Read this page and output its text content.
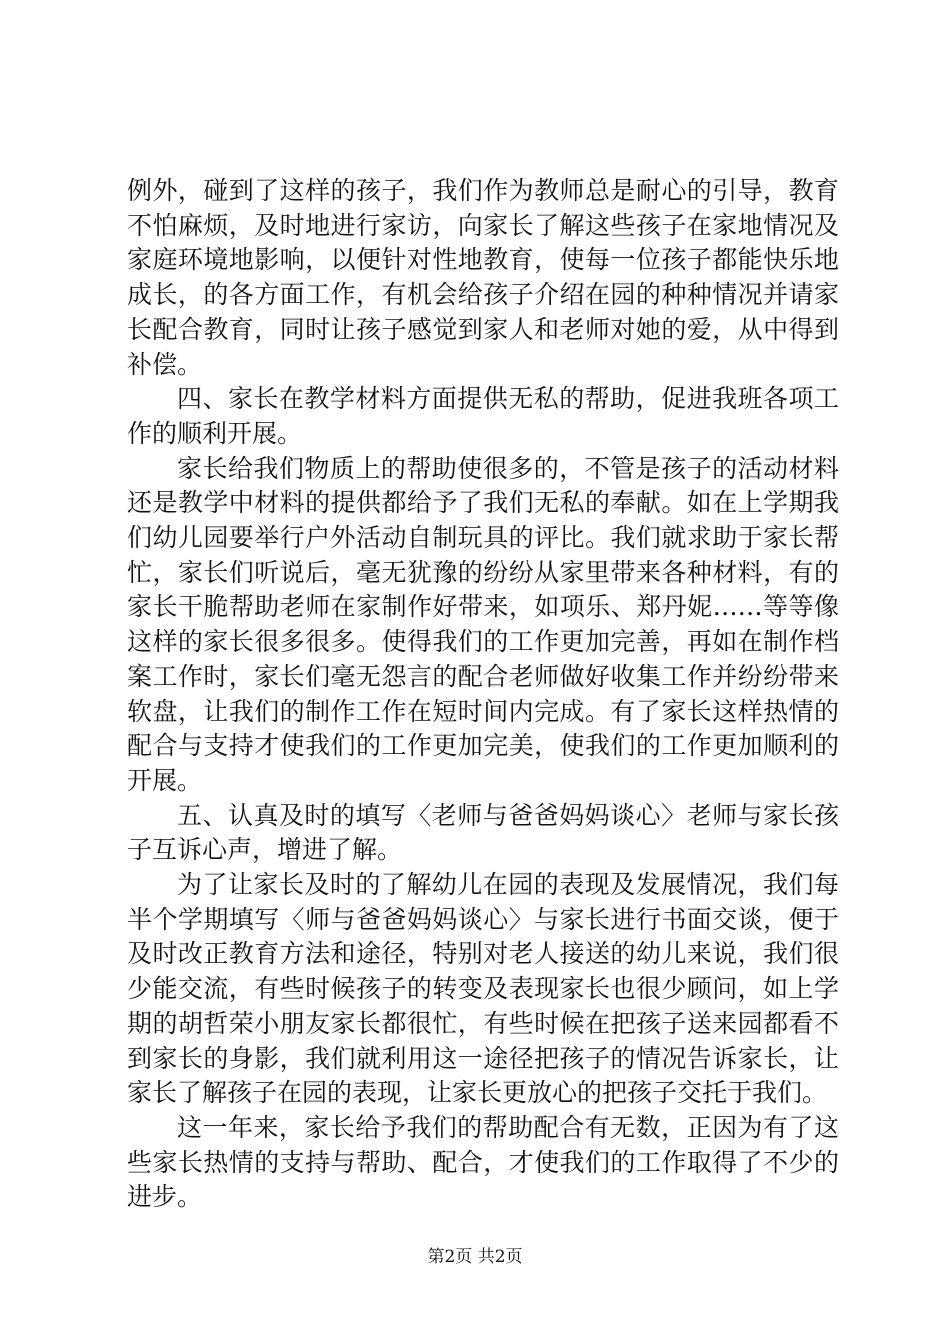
例外，碰到了这样的孩子，我们作为教师总是耐心的引导，教育不怕麻烦，及时地进行家访，向家长了解这些孩子在家地情况及家庭环境地影响，以便针对性地教育，使每一位孩子都能快乐地成长，的各方面工作，有机会给孩子介绍在园的种种情况并请家长配合教育，同时让孩子感觉到家人和老师对她的爱，从中得到补偿。

四、家长在教学材料方面提供无私的帮助，促进我班各项工作的顺利开展。

家长给我们物质上的帮助使很多的，不管是孩子的活动材料还是教学中材料的提供都给予了我们无私的奉献。如在上学期我们幼儿园要举行户外活动自制玩具的评比。我们就求助于家长帮忙，家长们听说后，毫无犹豫的纷纷从家里带来各种材料，有的家长干脆帮助老师在家制作好带来，如项乐、郑丹妮……等等像这样的家长很多很多。使得我们的工作更加完善，再如在制作档案工作时，家长们毫无怨言的配合老师做好收集工作并纷纷带来软盘，让我们的制作工作在短时间内完成。有了家长这样热情的配合与支持才使我们的工作更加完美，使我们的工作更加顺利的开展。

五、认真及时的填写〈老师与爸爸妈妈谈心〉老师与家长孩子互诉心声，增进了解。

为了让家长及时的了解幼儿在园的表现及发展情况，我们每半个学期填写〈师与爸爸妈妈谈心〉与家长进行书面交谈，便于及时改正教育方法和途径，特别对老人接送的幼儿来说，我们很少能交流，有些时候孩子的转变及表现家长也很少顾问，如上学期的胡哲荣小朋友家长都很忙，有些时候在把孩子送来园都看不到家长的身影，我们就利用这一途径把孩子的情况告诉家长，让家长了解孩子在园的表现，让家长更放心的把孩子交托于我们。

这一年来，家长给予我们的帮助配合有无数，正因为有了这些家长热情的支持与帮助、配合，才使我们的工作取得了不少的进步。

第2页 共2页
